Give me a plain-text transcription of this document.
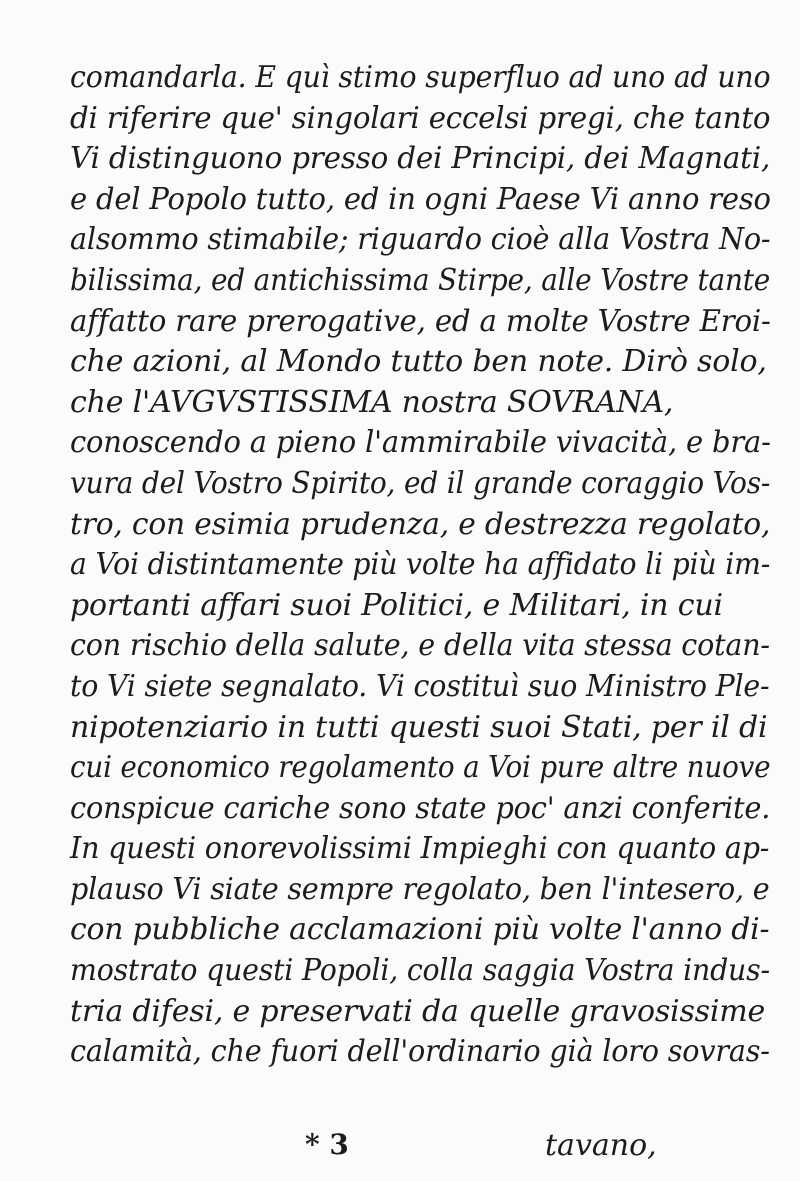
comandarla. E quì stimo superfluo ad uno ad uno
di riferire que' singolari eccelsi pregi, che tanto
Vi distinguono presso dei Principi, dei Magnati,
e del Popolo tutto, ed in ogni Paese Vi anno reso
alsommo stimabile; riguardo cioè alla Vostra No-
bilissima, ed antichissima Stirpe, alle Vostre tante
affatto rare prerogative, ed a molte Vostre Eroi-
che azioni, al Mondo tutto ben note. Dirò solo,
che l'AVGVSTISSIMA nostra SOVRANA,
conoscendo a pieno l'ammirabile vivacità, e bra-
vura del Vostro Spirito, ed il grande coraggio Vos-
tro, con esimia prudenza, e destrezza regolato,
a Voi distintamente più volte ha affidato li più im-
portanti affari suoi Politici, e Militari, in cui
con rischio della salute, e della vita stessa cotan-
to Vi siete segnalato. Vi costituì suo Ministro Ple-
nipotenziario in tutti questi suoi Stati, per il di
cui economico regolamento a Voi pure altre nuove
conspicue cariche sono state poc' anzi conferite.
In questi onorevolissimi Impieghi con quanto ap-
plauso Vi siate sempre regolato, ben l'intesero, e
con pubbliche acclamazioni più volte l'anno di-
mostrato questi Popoli, colla saggia Vostra indus-
tria difesi, e preservati da quelle gravosissime
calamità, che fuori dell'ordinario già loro sovras-
* 3	tavano,
